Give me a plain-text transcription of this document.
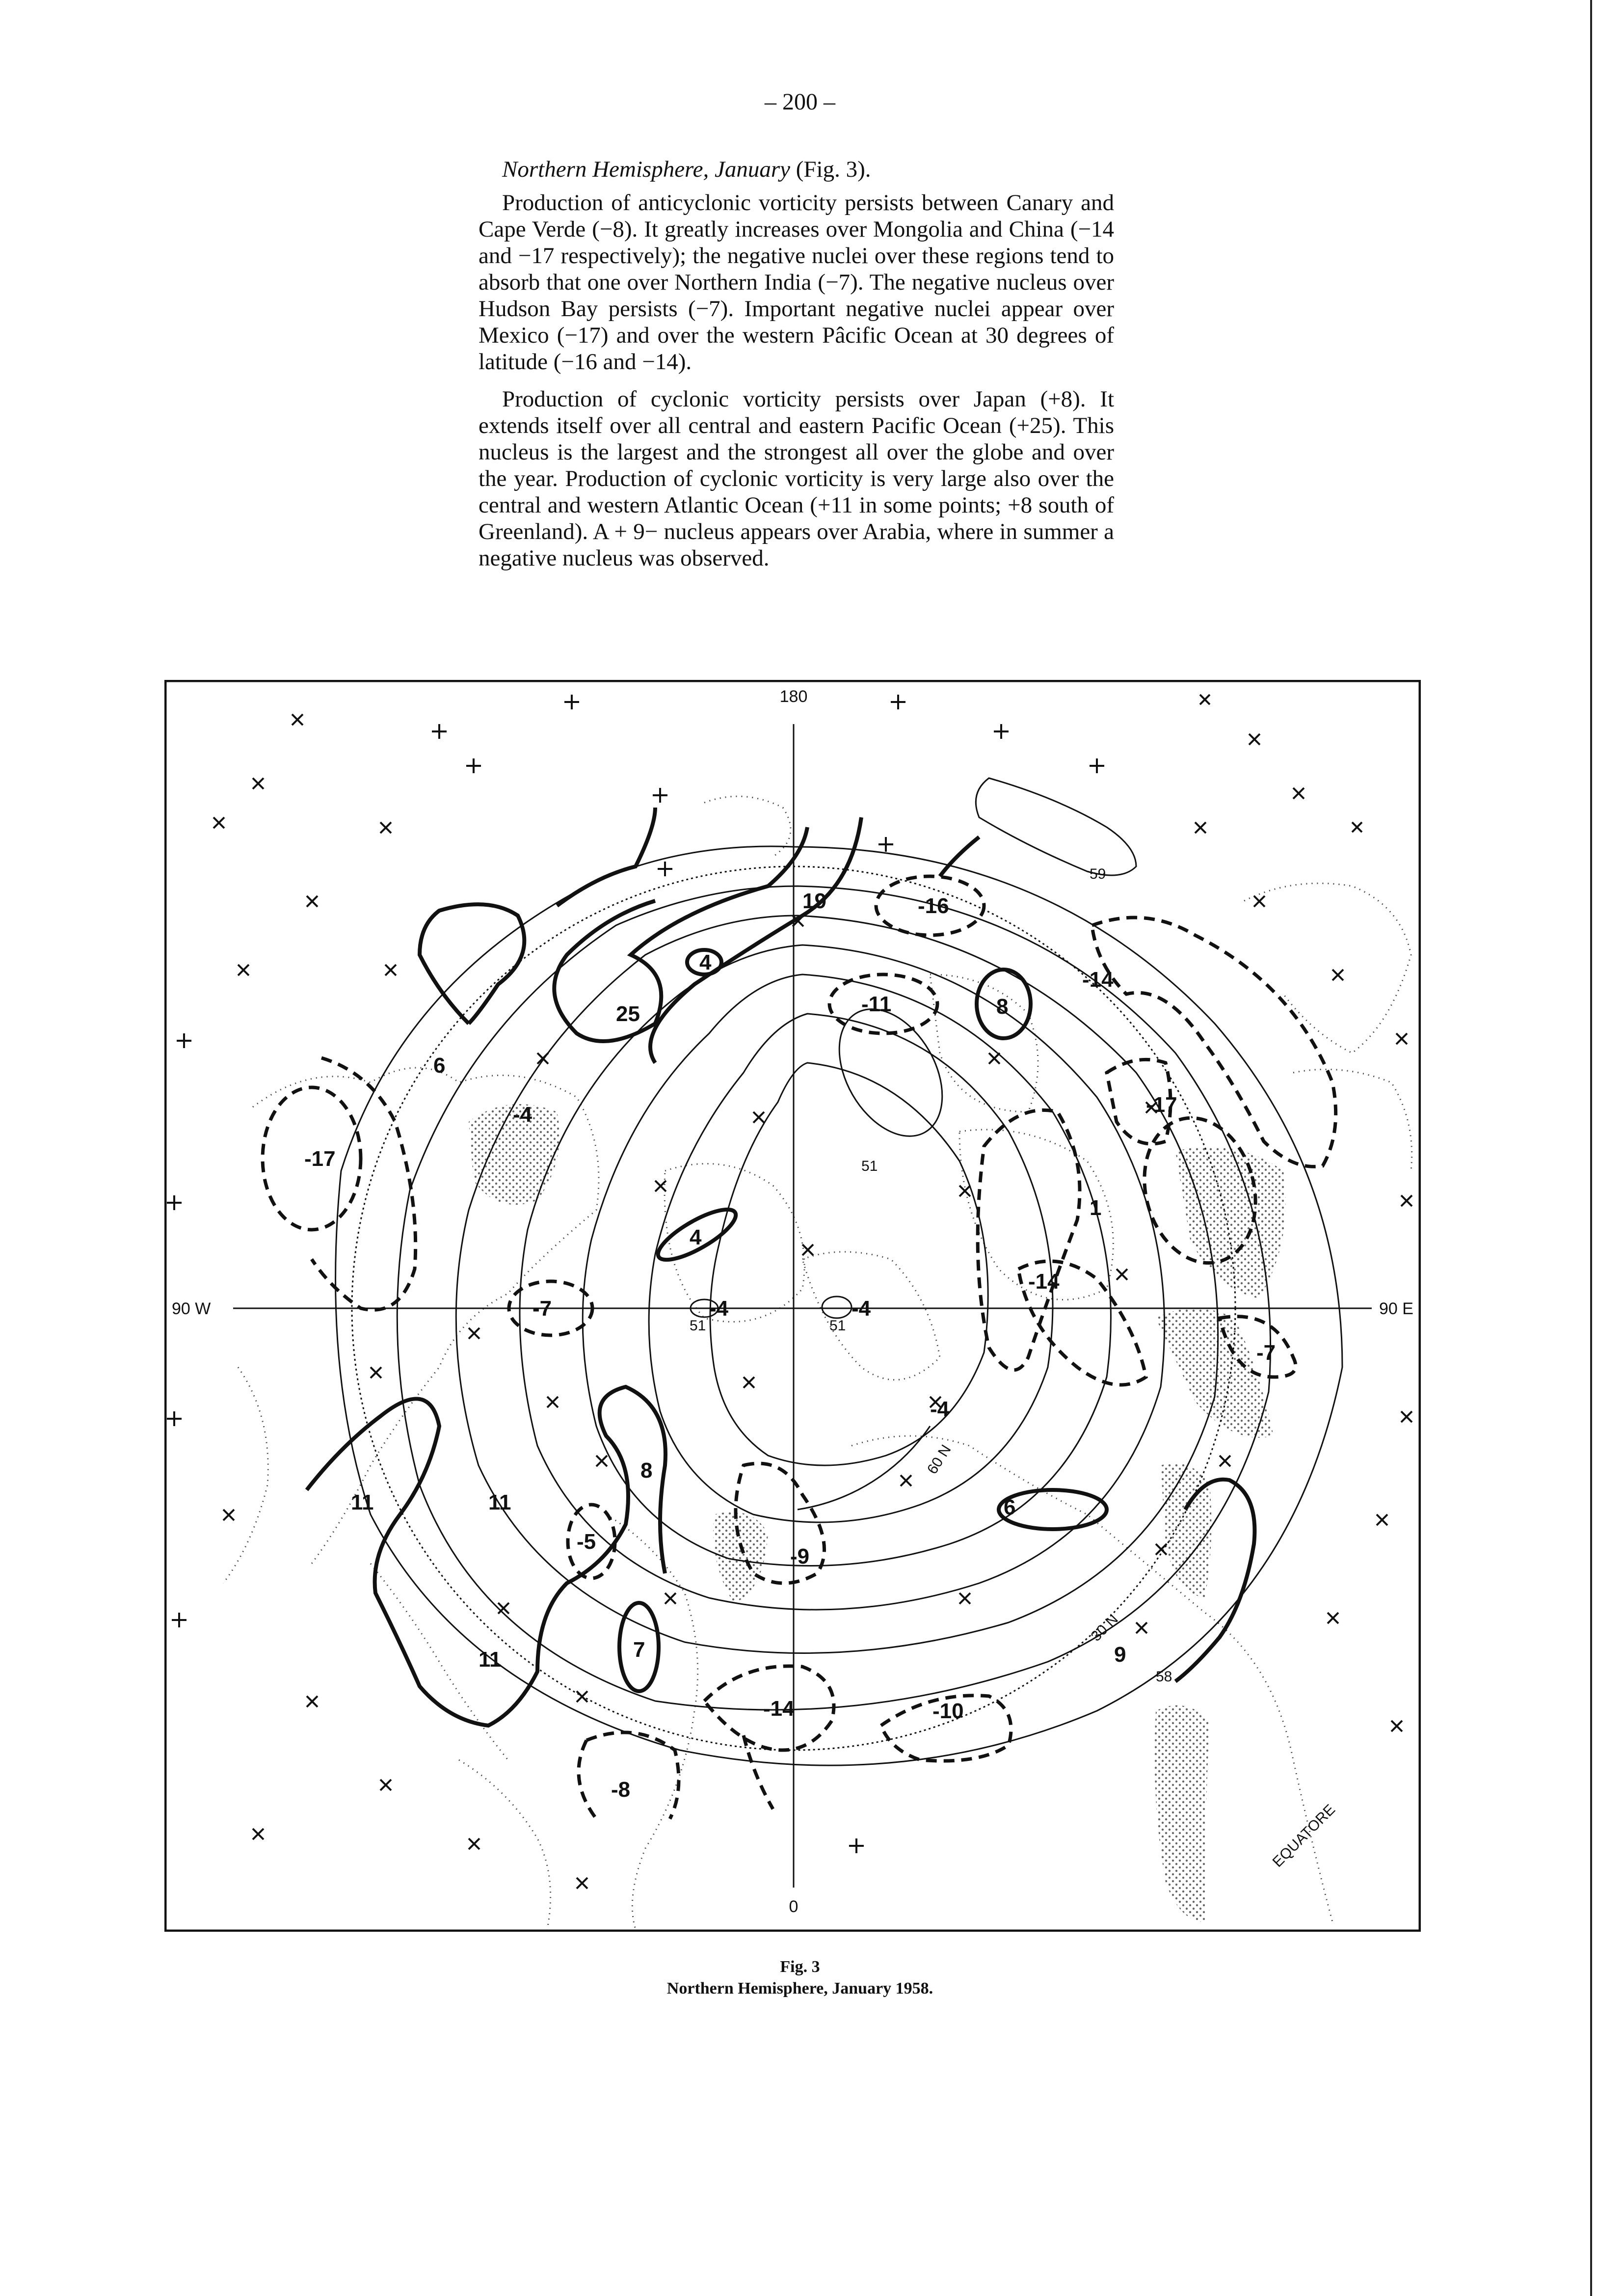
– 200 –

Northern Hemisphere, January (Fig. 3).

Production of anticyclonic vorticity persists between Canary and Cape Verde (−8). It greatly increases over Mongolia and China (−14 and −17 respectively); the negative nuclei over these regions tend to absorb that one over Northern India (−7). The negative nucleus over Hudson Bay persists (−7). Important negative nuclei appear over Mexico (−17) and over the western Pâcific Ocean at 30 degrees of latitude (−16 and −14).

Production of cyclonic vorticity persists over Japan (+8). It extends itself over all central and eastern Pacific Ocean (+25). This nucleus is the largest and the strongest all over the globe and over the year. Production of cyclonic vorticity is very large also over the central and western Atlantic Ocean (+11 in some points; +8 south of Greenland). A + 9− nucleus appears over Arabia, where in summer a negative nucleus was observed.

180
0
90 W	90 E
60 N
30 N
EQUATORE
59
51
51	51
58
19
25
4
8
6
1
4
8
11	11
11
6
7	9
-16
-14
-11
-17
-4
-17
-14
-7
-4	-4
-7
-4
-5
-9
-14	-10
-8
Fig. 3
Northern Hemisphere, January 1958.
